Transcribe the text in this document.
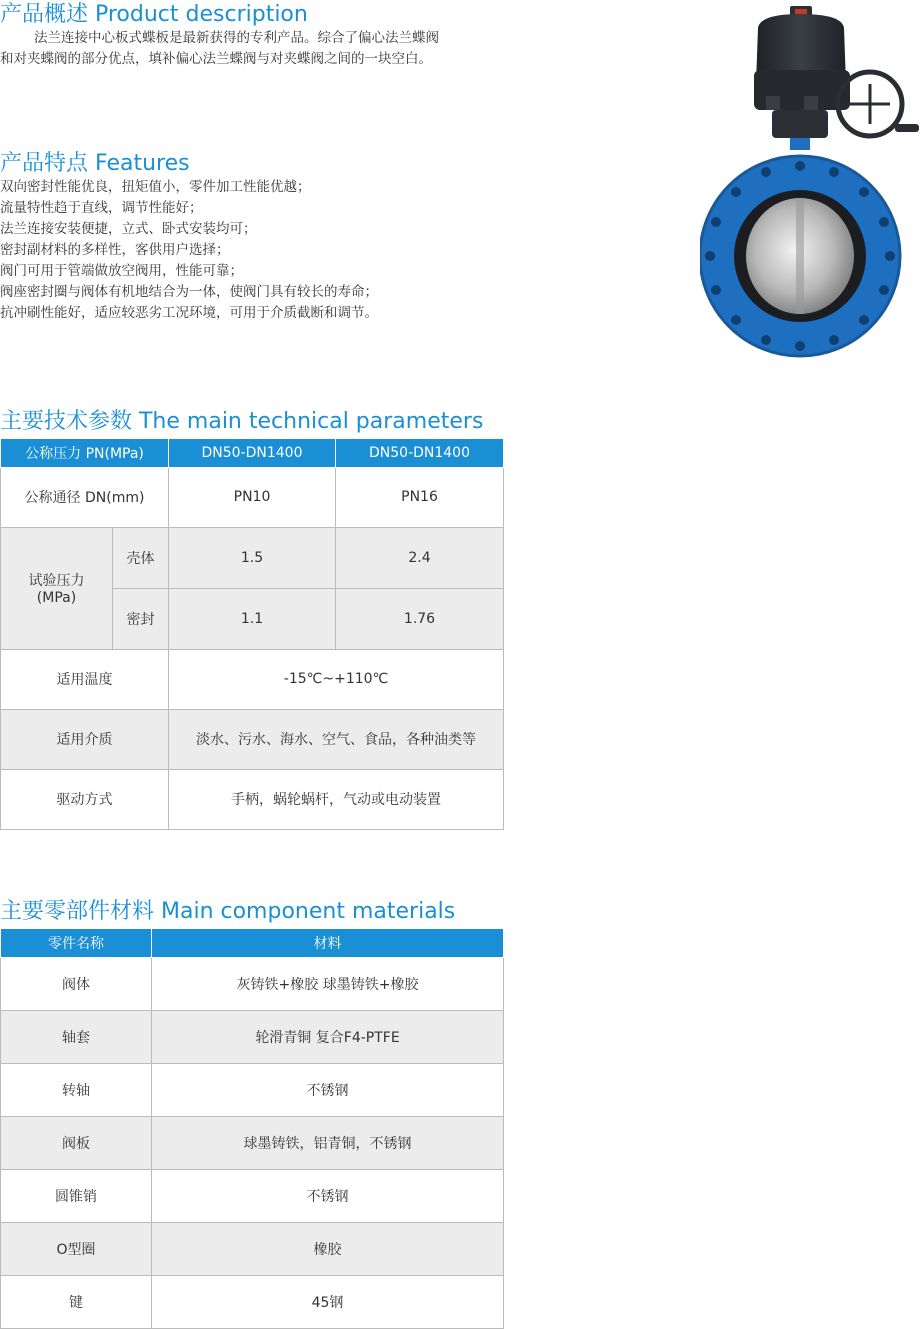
产品概述 Product description
法兰连接中心板式蝶板是最新获得的专利产品。综合了偏心法兰蝶阀
和对夹蝶阀的部分优点，填补偏心法兰蝶阀与对夹蝶阀之间的一块空白。
产品特点 Features
双向密封性能优良，扭矩值小，零件加工性能优越；
流量特性趋于直线，调节性能好；
法兰连接安装便捷，立式、卧式安装均可；
密封副材料的多样性，客供用户选择；
阀门可用于管端做放空阀用，性能可靠；
阀座密封圈与阀体有机地结合为一体，使阀门具有较长的寿命；
抗冲刷性能好，适应较恶劣工况环境，可用于介质截断和调节。
主要技术参数 The main technical parameters
公称压力 PN(MPa)		DN50-DN1400	DN50-DN1400
公称通径 DN(mm)		PN10	PN16

试验压力
(MPa)	壳体	1.5	2.4
	密封	1.1	1.76
适用温度		-15℃~+110℃	
适用介质		淡水、污水、海水、空气、食品，各种油类等	
驱动方式		手柄，蜗轮蜗杆，气动或电动装置	
主要零部件材料 Main component materials
零件名称	材料
阀体	灰铸铁+橡胶 球墨铸铁+橡胶
轴套	轮滑青铜 复合F4-PTFE
转轴	不锈钢
阀板	球墨铸铁，铝青铜，不锈钢
圆锥销	不锈钢
O型圈	橡胶
键	45钢
